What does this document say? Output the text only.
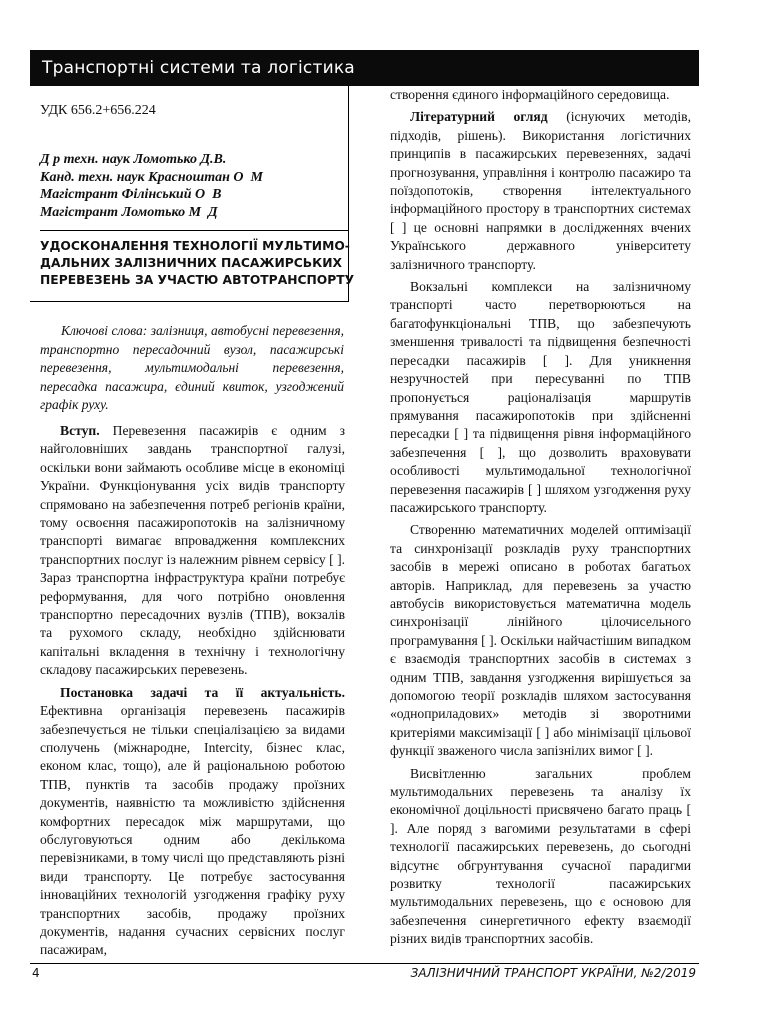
Транспортні системи та логістика
УДК 656.2+656.224
Д р техн. наук Ломотько Д.В.
Канд. техн. наук Красноштан О  М
Магістрант Філінський О  В
Магістрант Ломотько М  Д
УДОСКОНАЛЕННЯ ТЕХНОЛОГІЇ МУЛЬТИМО-
ДАЛЬНИХ ЗАЛІЗНИЧНИХ ПАСАЖИРСЬКИХ
ПЕРЕВЕЗЕНЬ ЗА УЧАСТЮ АВТОТРАНСПОРТУ
Ключові слова: залізниця, автобусні перевезення, транспортно пересадочний вузол, пасажирські перевезення, мультимодальні перевезення, пересадка пасажира, єдиний квиток, узгоджений графік руху.

Вступ. Перевезення пасажирів є одним з найголовніших завдань транспортної галузі, оскільки вони займають особливе місце в економіці України. Функціонування усіх видів транспорту спрямовано на забезпечення потреб регіонів країни, тому освоєння пасажиропотоків на залізничному транспорті вимагає впровадження комплексних транспортних послуг із належним рівнем сервісу [ ]. Зараз транспортна інфраструктура країни потребує реформування, для чого потрібно оновлення транспортно пересадочних вузлів (ТПВ), вокзалів та рухомого складу, необхідно здійснювати капітальні вкладення в технічну і технологічну складову пасажирських перевезень.

Постановка задачі та її актуальність. Ефективна організація перевезень пасажирів забезпечується не тільки спеціалізацією за видами сполучень (міжнародне, Intercity, бізнес клас, економ клас, тощо), але й раціональною роботою ТПВ, пунктів та засобів продажу проїзних документів, наявністю та можливістю здійснення комфортних пересадок між маршрутами, що обслуговуються одним або декількома перевізниками, в тому числі що представляють різні види транспорту. Це потребує застосування інноваційних технологій узгодження графіку руху транспортних засобів, продажу проїзних документів, надання сучасних сервісних послуг пасажирам,

створення єдиного інформаційного середовища.

Літературний огляд (існуючих методів, підходів, рішень). Використання логістичних принципів в пасажирських перевезеннях, задачі прогнозування, управління і контролю пасажиро та поїздопотоків, створення інтелектуального інформаційного простору в транспортних системах [ ] це основні напрямки в дослідженнях вчених Українського державного університету залізничного транспорту.

Вокзальні комплекси на залізничному транспорті часто перетворюються на багатофункціональні ТПВ, що забезпечують зменшення тривалості та підвищення безпечності пересадки пасажирів [ ]. Для уникнення незручностей при пересуванні по ТПВ пропонується раціоналізація маршрутів прямування пасажиропотоків при здійсненні пересадки [ ] та підвищення рівня інформаційного забезпечення [ ], що дозволить враховувати особливості мультимодальної технологічної перевезення пасажирів [ ] шляхом узгодження руху пасажирського транспорту.

Створенню математичних моделей оптимізації та синхронізації розкладів руху транспортних засобів в мережі описано в роботах багатьох авторів. Наприклад, для перевезень за участю автобусів використовується математична модель синхронізації лінійного цілочисельного програмування [ ]. Оскільки найчастішим випадком є взаємодія транспортних засобів в системах з одним ТПВ, завдання узгодження вирішується за допомогою теорії розкладів шляхом застосування «одноприладових» методів зі зворотними критеріями максимізації [ ] або мінімізації цільової функції зваженого числа запізнілих вимог [ ].

Висвітленню загальних проблем мультимодальних перевезень та аналізу їх економічної доцільності присвячено багато праць [ ]. Але поряд з вагомими результатами в сфері технології пасажирських перевезень, до сьогодні відсутнє обгрунтування сучасної парадигми розвитку технології пасажирських мультимодальних перевезень, що є основою для забезпечення синергетичного ефекту взаємодії різних видів транспортних засобів.

4	ЗАЛІЗНИЧНИЙ ТРАНСПОРТ УКРАЇНИ, №2/2019
